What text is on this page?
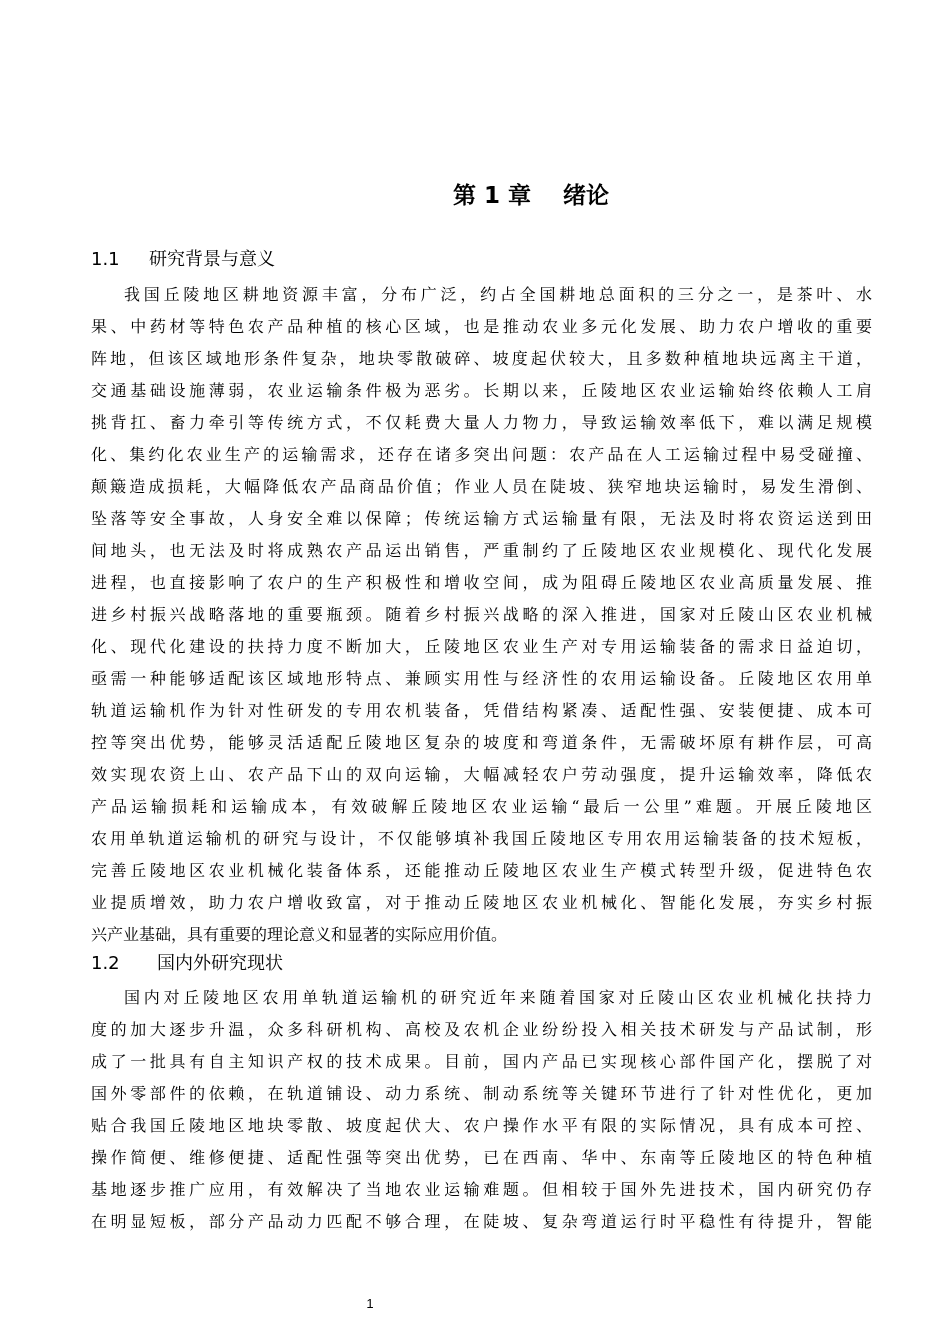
第 1 章    绪论
1.1 研究背景与意义
我国丘陵地区耕地资源丰富，分布广泛，约占全国耕地总面积的三分之一，是茶叶、水
果、中药材等特色农产品种植的核心区域，也是推动农业多元化发展、助力农户增收的重要
阵地，但该区域地形条件复杂，地块零散破碎、坡度起伏较大，且多数种植地块远离主干道，
交通基础设施薄弱，农业运输条件极为恶劣。长期以来，丘陵地区农业运输始终依赖人工肩
挑背扛、畜力牵引等传统方式，不仅耗费大量人力物力，导致运输效率低下，难以满足规模
化、集约化农业生产的运输需求，还存在诸多突出问题：农产品在人工运输过程中易受碰撞、
颠簸造成损耗，大幅降低农产品商品价值；作业人员在陡坡、狭窄地块运输时，易发生滑倒、
坠落等安全事故，人身安全难以保障；传统运输方式运输量有限，无法及时将农资运送到田
间地头，也无法及时将成熟农产品运出销售，严重制约了丘陵地区农业规模化、现代化发展
进程，也直接影响了农户的生产积极性和增收空间，成为阻碍丘陵地区农业高质量发展、推
进乡村振兴战略落地的重要瓶颈。随着乡村振兴战略的深入推进，国家对丘陵山区农业机械
化、现代化建设的扶持力度不断加大，丘陵地区农业生产对专用运输装备的需求日益迫切，
亟需一种能够适配该区域地形特点、兼顾实用性与经济性的农用运输设备。丘陵地区农用单
轨道运输机作为针对性研发的专用农机装备，凭借结构紧凑、适配性强、安装便捷、成本可
控等突出优势，能够灵活适配丘陵地区复杂的坡度和弯道条件，无需破坏原有耕作层，可高
效实现农资上山、农产品下山的双向运输，大幅减轻农户劳动强度，提升运输效率，降低农
产品运输损耗和运输成本，有效破解丘陵地区农业运输“最后一公里”难题。开展丘陵地区
农用单轨道运输机的研究与设计，不仅能够填补我国丘陵地区专用农用运输装备的技术短板，
完善丘陵地区农业机械化装备体系，还能推动丘陵地区农业生产模式转型升级，促进特色农
业提质增效，助力农户增收致富，对于推动丘陵地区农业机械化、智能化发展，夯实乡村振
兴产业基础，具有重要的理论意义和显著的实际应用价值。
1.2 国内外研究现状
国内对丘陵地区农用单轨道运输机的研究近年来随着国家对丘陵山区农业机械化扶持力
度的加大逐步升温，众多科研机构、高校及农机企业纷纷投入相关技术研发与产品试制，形
成了一批具有自主知识产权的技术成果。目前，国内产品已实现核心部件国产化，摆脱了对
国外零部件的依赖，在轨道铺设、动力系统、制动系统等关键环节进行了针对性优化，更加
贴合我国丘陵地区地块零散、坡度起伏大、农户操作水平有限的实际情况，具有成本可控、
操作简便、维修便捷、适配性强等突出优势，已在西南、华中、东南等丘陵地区的特色种植
基地逐步推广应用，有效解决了当地农业运输难题。但相较于国外先进技术，国内研究仍存
在明显短板，部分产品动力匹配不够合理，在陡坡、复杂弯道运行时平稳性有待提升，智能
1
